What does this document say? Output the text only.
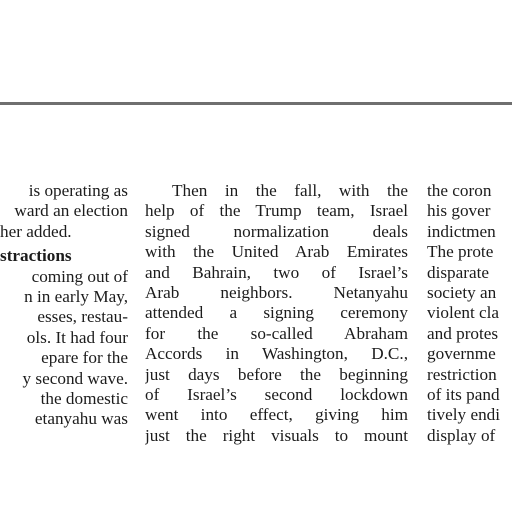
is operating as
ward an election
her added.
stractions
coming out of
n in early May,
esses, restau-
ols. It had four
epare for the
y second wave.
the domestic
etanyahu was
Then in the fall, with the
help of the Trump team, Israel
signed normalization deals
with the United Arab Emirates
and Bahrain, two of Israel’s
Arab neighbors. Netanyahu
attended a signing ceremony
for the so-called Abraham
Accords in Washington, D.C.,
just days before the beginning
of Israel’s second lockdown
went into effect, giving him
just the right visuals to mount
the coron
his gover
indictmen
The prote
disparate
society an
violent cla
and protes
governme
restriction
of its pand
tively endi
display of
